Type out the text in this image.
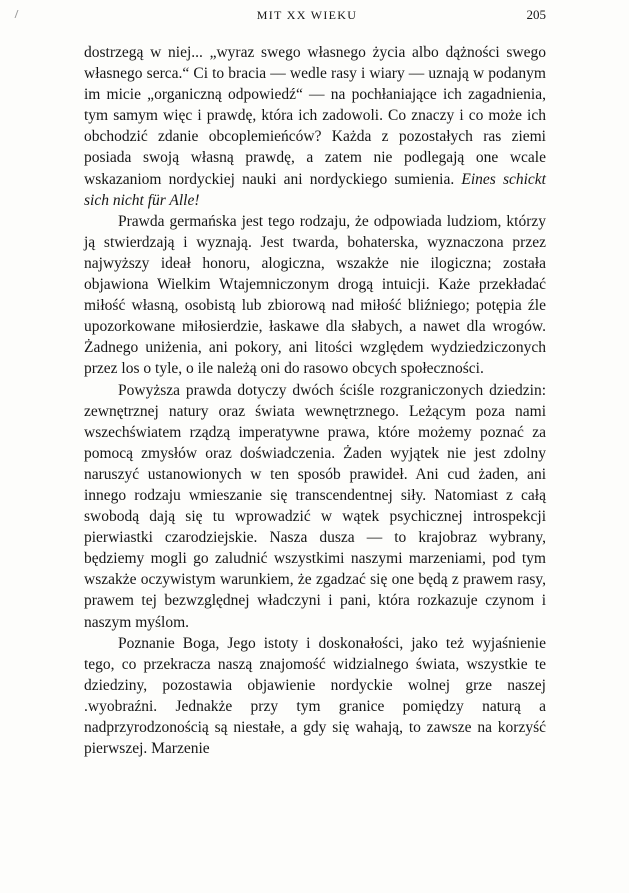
MIT XX WIEKU	205

dostrzegą w niej... „wyraz swego własnego życia albo dążności swego własnego serca.“ Ci to bracia — wedle rasy i wiary — uznają w podanym im micie „organiczną odpowiedź“ — na pochłaniające ich zagadnienia, tym samym więc i prawdę, która ich zadowoli. Co znaczy i co może ich obchodzić zdanie obcoplemieńców? Każda z pozostałych ras ziemi posiada swoją własną prawdę, a zatem nie podlegają one wcale wskazaniom nordyckiej nauki ani nordyckiego sumienia. Eines schickt sich nicht für Alle!

Prawda germańska jest tego rodzaju, że odpowiada ludziom, którzy ją stwierdzają i wyznają. Jest twarda, bohaterska, wyznaczona przez najwyższy ideał honoru, alogiczna, wszakże nie ilogiczna; została objawiona Wielkim Wtajemniczonym drogą intuicji. Każe przekładać miłość własną, osobistą lub zbiorową nad miłość bliźniego; potępia źle upozorkowane miłosierdzie, łaskawe dla słabych, a nawet dla wrogów. Żadnego uniżenia, ani pokory, ani litości względem wydziedziczonych przez los o tyle, o ile należą oni do rasowo obcych społeczności.

Powyższa prawda dotyczy dwóch ściśle rozgraniczonych dziedzin: zewnętrznej natury oraz świata wewnętrznego. Leżącym poza nami wszechświatem rządzą imperatywne prawa, które możemy poznać za pomocą zmysłów oraz doświadczenia. Żaden wyjątek nie jest zdolny naruszyć ustanowionych w ten sposób prawideł. Ani cud żaden, ani innego rodzaju wmieszanie się transcendentnej siły. Natomiast z całą swobodą dają się tu wprowadzić w wątek psychicznej introspekcji pierwiastki czarodziejskie. Nasza dusza — to krajobraz wybrany, będziemy mogli go zaludnić wszystkimi naszymi marzeniami, pod tym wszakże oczywistym warunkiem, że zgadzać się one będą z prawem rasy, prawem tej bezwzględnej władczyni i pani, która rozkazuje czynom i naszym myślom.

Poznanie Boga, Jego istoty i doskonałości, jako też wyjaśnienie tego, co przekracza naszą znajomość widzialnego świata, wszystkie te dziedziny, pozostawia objawienie nordyckie wolnej grze naszej .wyobraźni. Jednakże przy tym granice pomiędzy naturą a nadprzyrodzonością są niestałe, a gdy się wahają, to zawsze na korzyść pierwszej. Marzenie
